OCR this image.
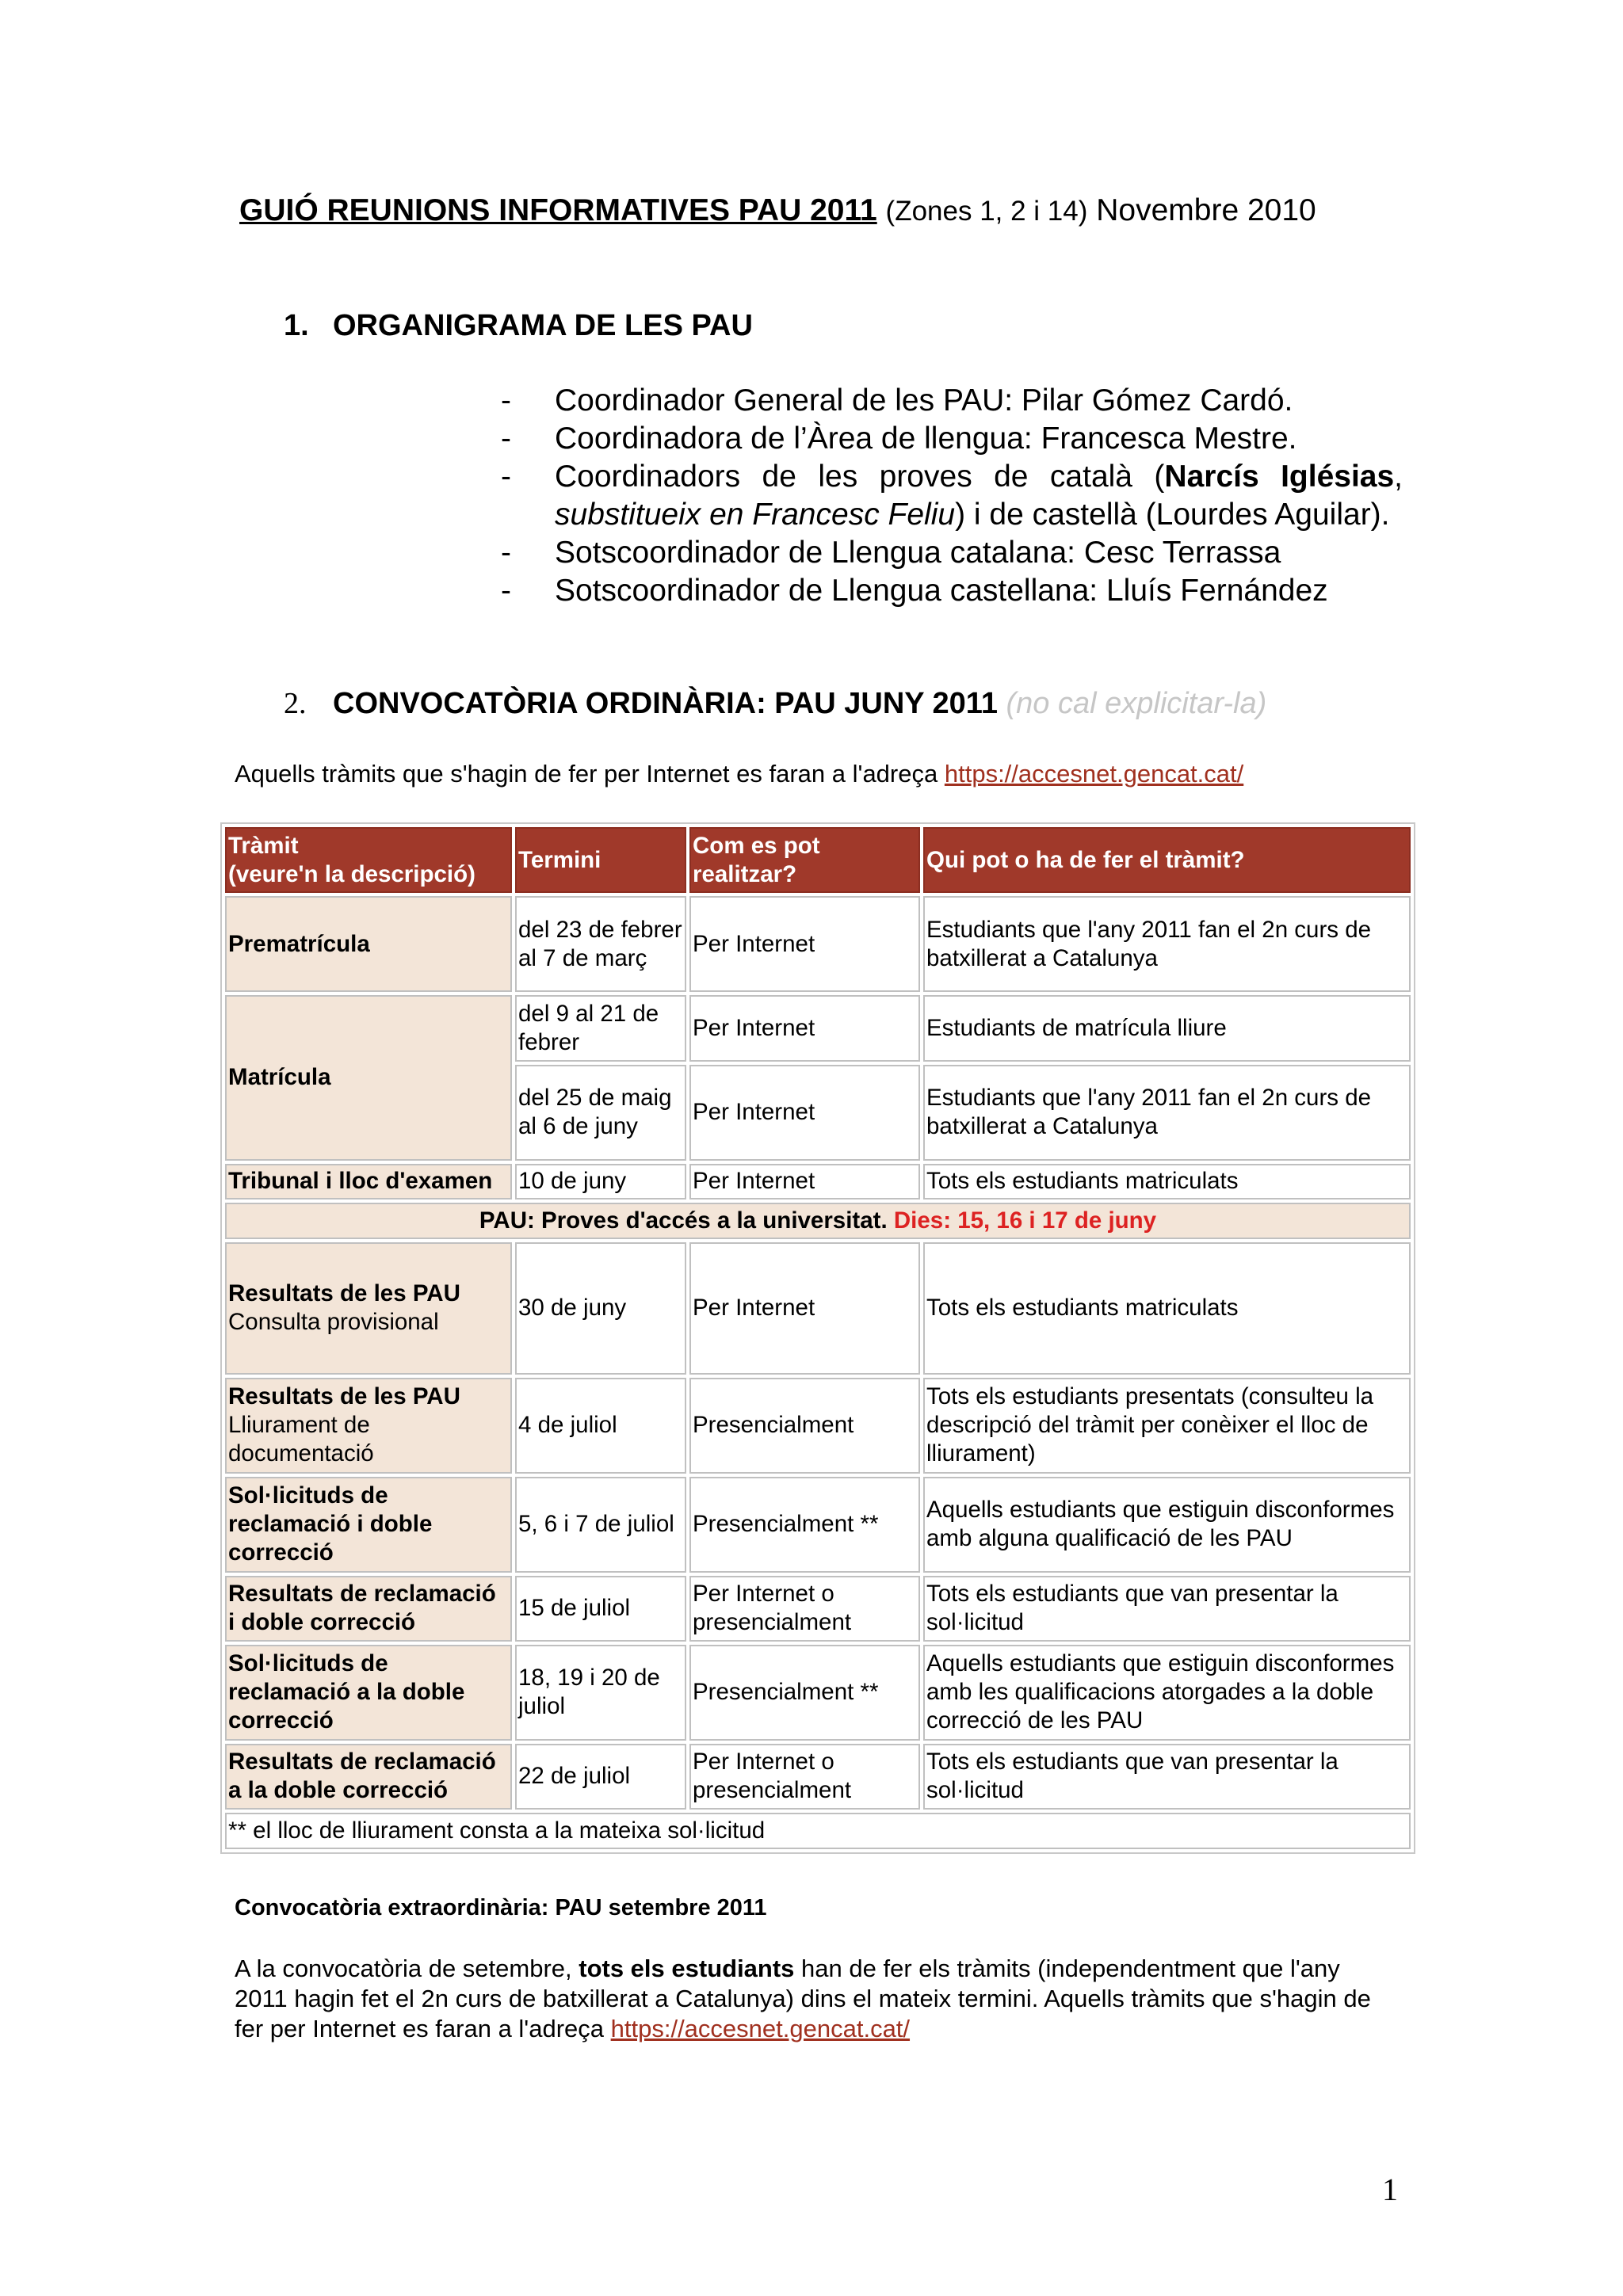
GUIÓ REUNIONS INFORMATIVES PAU 2011 (Zones 1, 2 i 14) Novembre 2010
1. ORGANIGRAMA DE LES PAU
- Coordinador General de les PAU: Pilar Gómez Cardó.
- Coordinadora de l’Àrea de llengua: Francesca Mestre.
- Coordinadors de les proves de català (Narcís Iglésias, substitueix en Francesc Feliu) i de castellà (Lourdes Aguilar).
- Sotscoordinador de Llengua catalana: Cesc Terrassa
- Sotscoordinador de Llengua castellana: Lluís Fernández
2. CONVOCATÒRIA ORDINÀRIA: PAU JUNY 2011 (no cal explicitar-la)
Aquells tràmits que s'hagin de fer per Internet es faran a l'adreça https://accesnet.gencat.cat/
Tràmit
(veure'n la descripció)	Termini	Com es pot realitzar?	Qui pot o ha de fer el tràmit?
Prematrícula	del 23 de febrer al 7 de març	Per Internet	Estudiants que l'any 2011 fan el 2n curs de batxillerat a Catalunya
Matrícula	del 9 al 21 de febrer	Per Internet	Estudiants de matrícula lliure
	del 25 de maig al 6 de juny	Per Internet	Estudiants que l'any 2011 fan el 2n curs de batxillerat a Catalunya
Tribunal i lloc d'examen	10 de juny	Per Internet	Tots els estudiants matriculats
PAU: Proves d'accés a la universitat. Dies: 15, 16 i 17 de juny			
Resultats de les PAU
Consulta provisional	30 de juny	Per Internet	Tots els estudiants matriculats
Resultats de les PAU
Lliurament de documentació	4 de juliol	Presencialment	Tots els estudiants presentats (consulteu la descripció del tràmit per conèixer el lloc de lliurament)
Sol·licituds de reclamació i doble correcció	5, 6 i 7 de juliol	Presencialment **	Aquells estudiants que estiguin disconformes amb alguna qualificació de les PAU
Resultats de reclamació i doble correcció	15 de juliol	Per Internet o presencialment	Tots els estudiants que van presentar la sol·licitud
Sol·licituds de reclamació a la doble correcció	18, 19 i 20 de juliol	Presencialment **	Aquells estudiants que estiguin disconformes amb les qualificacions atorgades a la doble correcció de les PAU
Resultats de reclamació a la doble correcció	22 de juliol	Per Internet o presencialment	Tots els estudiants que van presentar la sol·licitud
** el lloc de lliurament consta a la mateixa sol·licitud			
Convocatòria extraordinària: PAU setembre 2011
A la convocatòria de setembre, tots els estudiants han de fer els tràmits (independentment que l'any 2011 hagin fet el 2n curs de batxillerat a Catalunya) dins el mateix termini. Aquells tràmits que s'hagin de fer per Internet es faran a l'adreça https://accesnet.gencat.cat/
1
